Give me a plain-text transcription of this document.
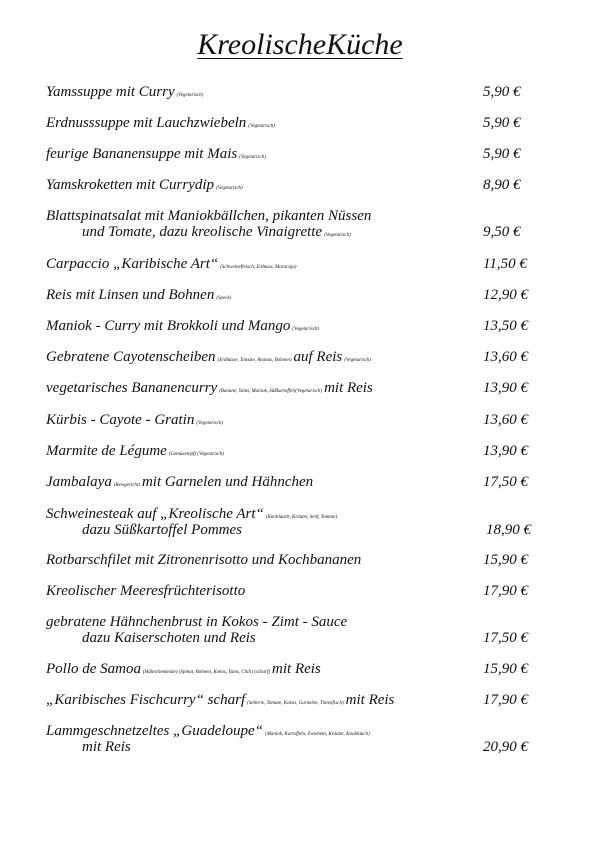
KreolischeKüche
Yamssuppe mit Curry (Vegetarisch)	5,90 €
Erdnusssuppe mit Lauchzwiebeln (Vegetarisch)	5,90 €
feurige Bananensuppe mit Mais (Vegetarisch)	5,90 €
Yamskroketten mit Currydip (Vegetarisch)	8,90 €
Blattspinatsalat mit Maniokbällchen, pikanten Nüssen
und Tomate, dazu kreolische Vinaigrette (Vegetarisch)	9,50 €
Carpaccio „Karibische Art“ (Schweinefleisch, Erdnuss, Maracuja)	11,50 €
Reis mit Linsen und Bohnen (Speck)	12,90 €
Maniok - Curry mit Brokkoli und Mango (Vegetarisch)	13,50 €
Gebratene Cayotenscheiben (Erdnüsse, Tomate, Ananas, Bohnen) auf Reis (Vegetarisch)	13,60 €
vegetarisches Bananencurry (Banane, Yams, Maniok, Süßkartoffel)(Vegetarisch) mit Reis	13,90 €
Kürbis - Cayote - Gratin (Vegetarisch)	13,60 €
Marmite de Légume (Gemüsetopf) (Vegetarisch)	13,90 €
Jambalaya (Reisgericht) mit Garnelen und Hähnchen	17,50 €
Schweinesteak auf „Kreolische Art“ (Knoblauch, Kräuter, Senf, Tomate)
dazu Süßkartoffel Pommes	18,90 €
Rotbarschfilet mit Zitronenrisotto und Kochbananen	15,90 €
Kreolischer Meeresfrüchterisotto	17,90 €
gebratene Hähnchenbrust in Kokos - Zimt - Sauce
dazu Kaiserschoten und Reis	17,50 €
Pollo de Samoa (Hähnchenkeule) (Spinat, Bohnen, Kokos, Yams, Chili) (scharf) mit Reis	15,90 €
„Karibisches Fischcurry“ scharf (Sellerie, Tomate, Kokos, Garnelen, Tintenfisch) mit Reis	17,90 €
Lammgeschnetzeltes „Guadeloupe“ (Maniok, Kartoffeln, Zwiebeln, Kräuter, Knoblauch)
mit Reis	20,90 €
